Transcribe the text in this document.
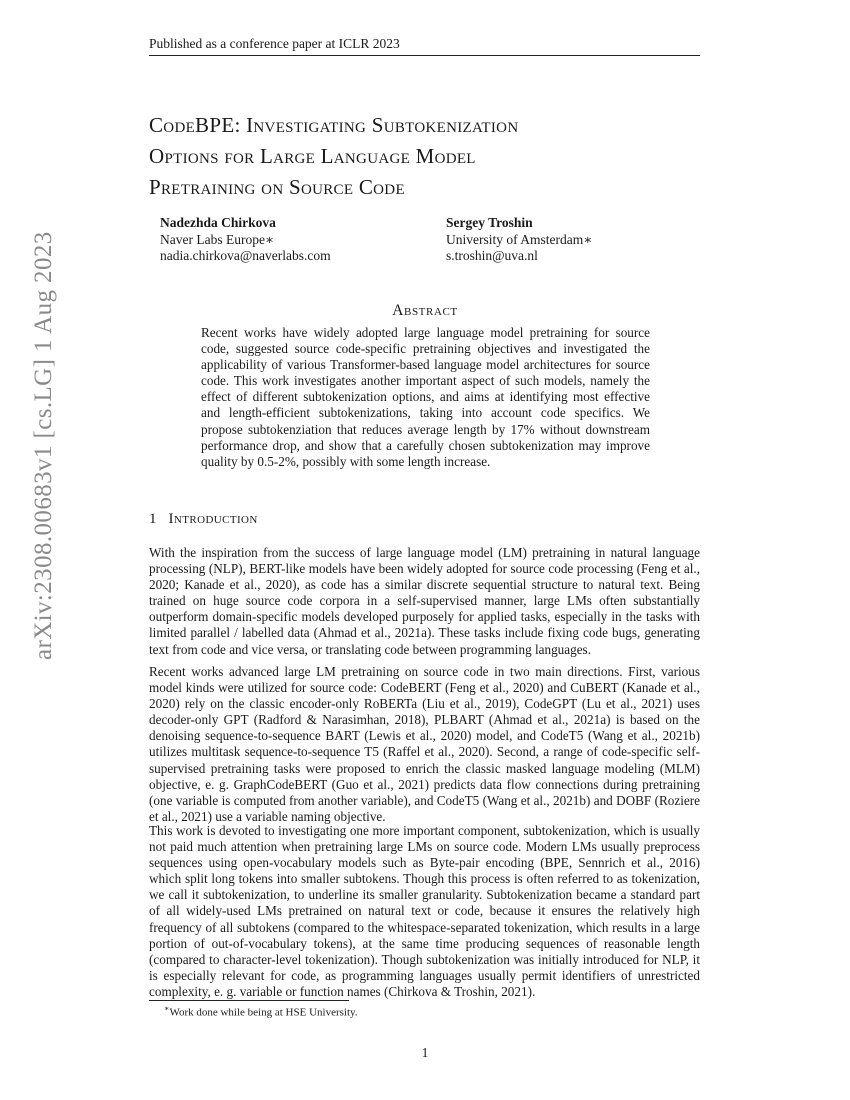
Published as a conference paper at ICLR 2023
arXiv:2308.00683v1 [cs.LG] 1 Aug 2023
CodeBPE: Investigating Subtokenization
Options for Large Language Model
Pretraining on Source Code
Nadezhda Chirkova
Naver Labs Europe∗
nadia.chirkova@naverlabs.com
Sergey Troshin
University of Amsterdam∗
s.troshin@uva.nl
Abstract
Recent works have widely adopted large language model pretraining for source code, suggested source code-specific pretraining objectives and investigated the applicability of various Transformer-based language model architectures for source code. This work investigates another important aspect of such models, namely the effect of different subtokenization options, and aims at identifying most effective and length-efficient subtokenizations, taking into account code specifics. We propose subtokenziation that reduces average length by 17% without downstream performance drop, and show that a carefully chosen subtokenization may improve quality by 0.5-2%, possibly with some length increase.
1 Introduction

With the inspiration from the success of large language model (LM) pretraining in natural language processing (NLP), BERT-like models have been widely adopted for source code processing (Feng et al., 2020; Kanade et al., 2020), as code has a similar discrete sequential structure to natural text. Being trained on huge source code corpora in a self-supervised manner, large LMs often substantially outperform domain-specific models developed purposely for applied tasks, especially in the tasks with limited parallel / labelled data (Ahmad et al., 2021a). These tasks include fixing code bugs, generating text from code and vice versa, or translating code between programming languages.

Recent works advanced large LM pretraining on source code in two main directions. First, various model kinds were utilized for source code: CodeBERT (Feng et al., 2020) and CuBERT (Kanade et al., 2020) rely on the classic encoder-only RoBERTa (Liu et al., 2019), CodeGPT (Lu et al., 2021) uses decoder-only GPT (Radford & Narasimhan, 2018), PLBART (Ahmad et al., 2021a) is based on the denoising sequence-to-sequence BART (Lewis et al., 2020) model, and CodeT5 (Wang et al., 2021b) utilizes multitask sequence-to-sequence T5 (Raffel et al., 2020). Second, a range of code-specific self-supervised pretraining tasks were proposed to enrich the classic masked language modeling (MLM) objective, e. g. GraphCodeBERT (Guo et al., 2021) predicts data flow connections during pretraining (one variable is computed from another variable), and CodeT5 (Wang et al., 2021b) and DOBF (Roziere et al., 2021) use a variable naming objective.

This work is devoted to investigating one more important component, subtokenization, which is usually not paid much attention when pretraining large LMs on source code. Modern LMs usually preprocess sequences using open-vocabulary models such as Byte-pair encoding (BPE, Sennrich et al., 2016) which split long tokens into smaller subtokens. Though this process is often referred to as tokenization, we call it subtokenization, to underline its smaller granularity. Subtokenization became a standard part of all widely-used LMs pretrained on natural text or code, because it ensures the relatively high frequency of all subtokens (compared to the whitespace-separated tokenization, which results in a large portion of out-of-vocabulary tokens), at the same time producing sequences of reasonable length (compared to character-level tokenization). Though subtokenization was initially introduced for NLP, it is especially relevant for code, as programming languages usually permit identifiers of unrestricted complexity, e. g. variable or function names (Chirkova & Troshin, 2021).

∗Work done while being at HSE University.
1
